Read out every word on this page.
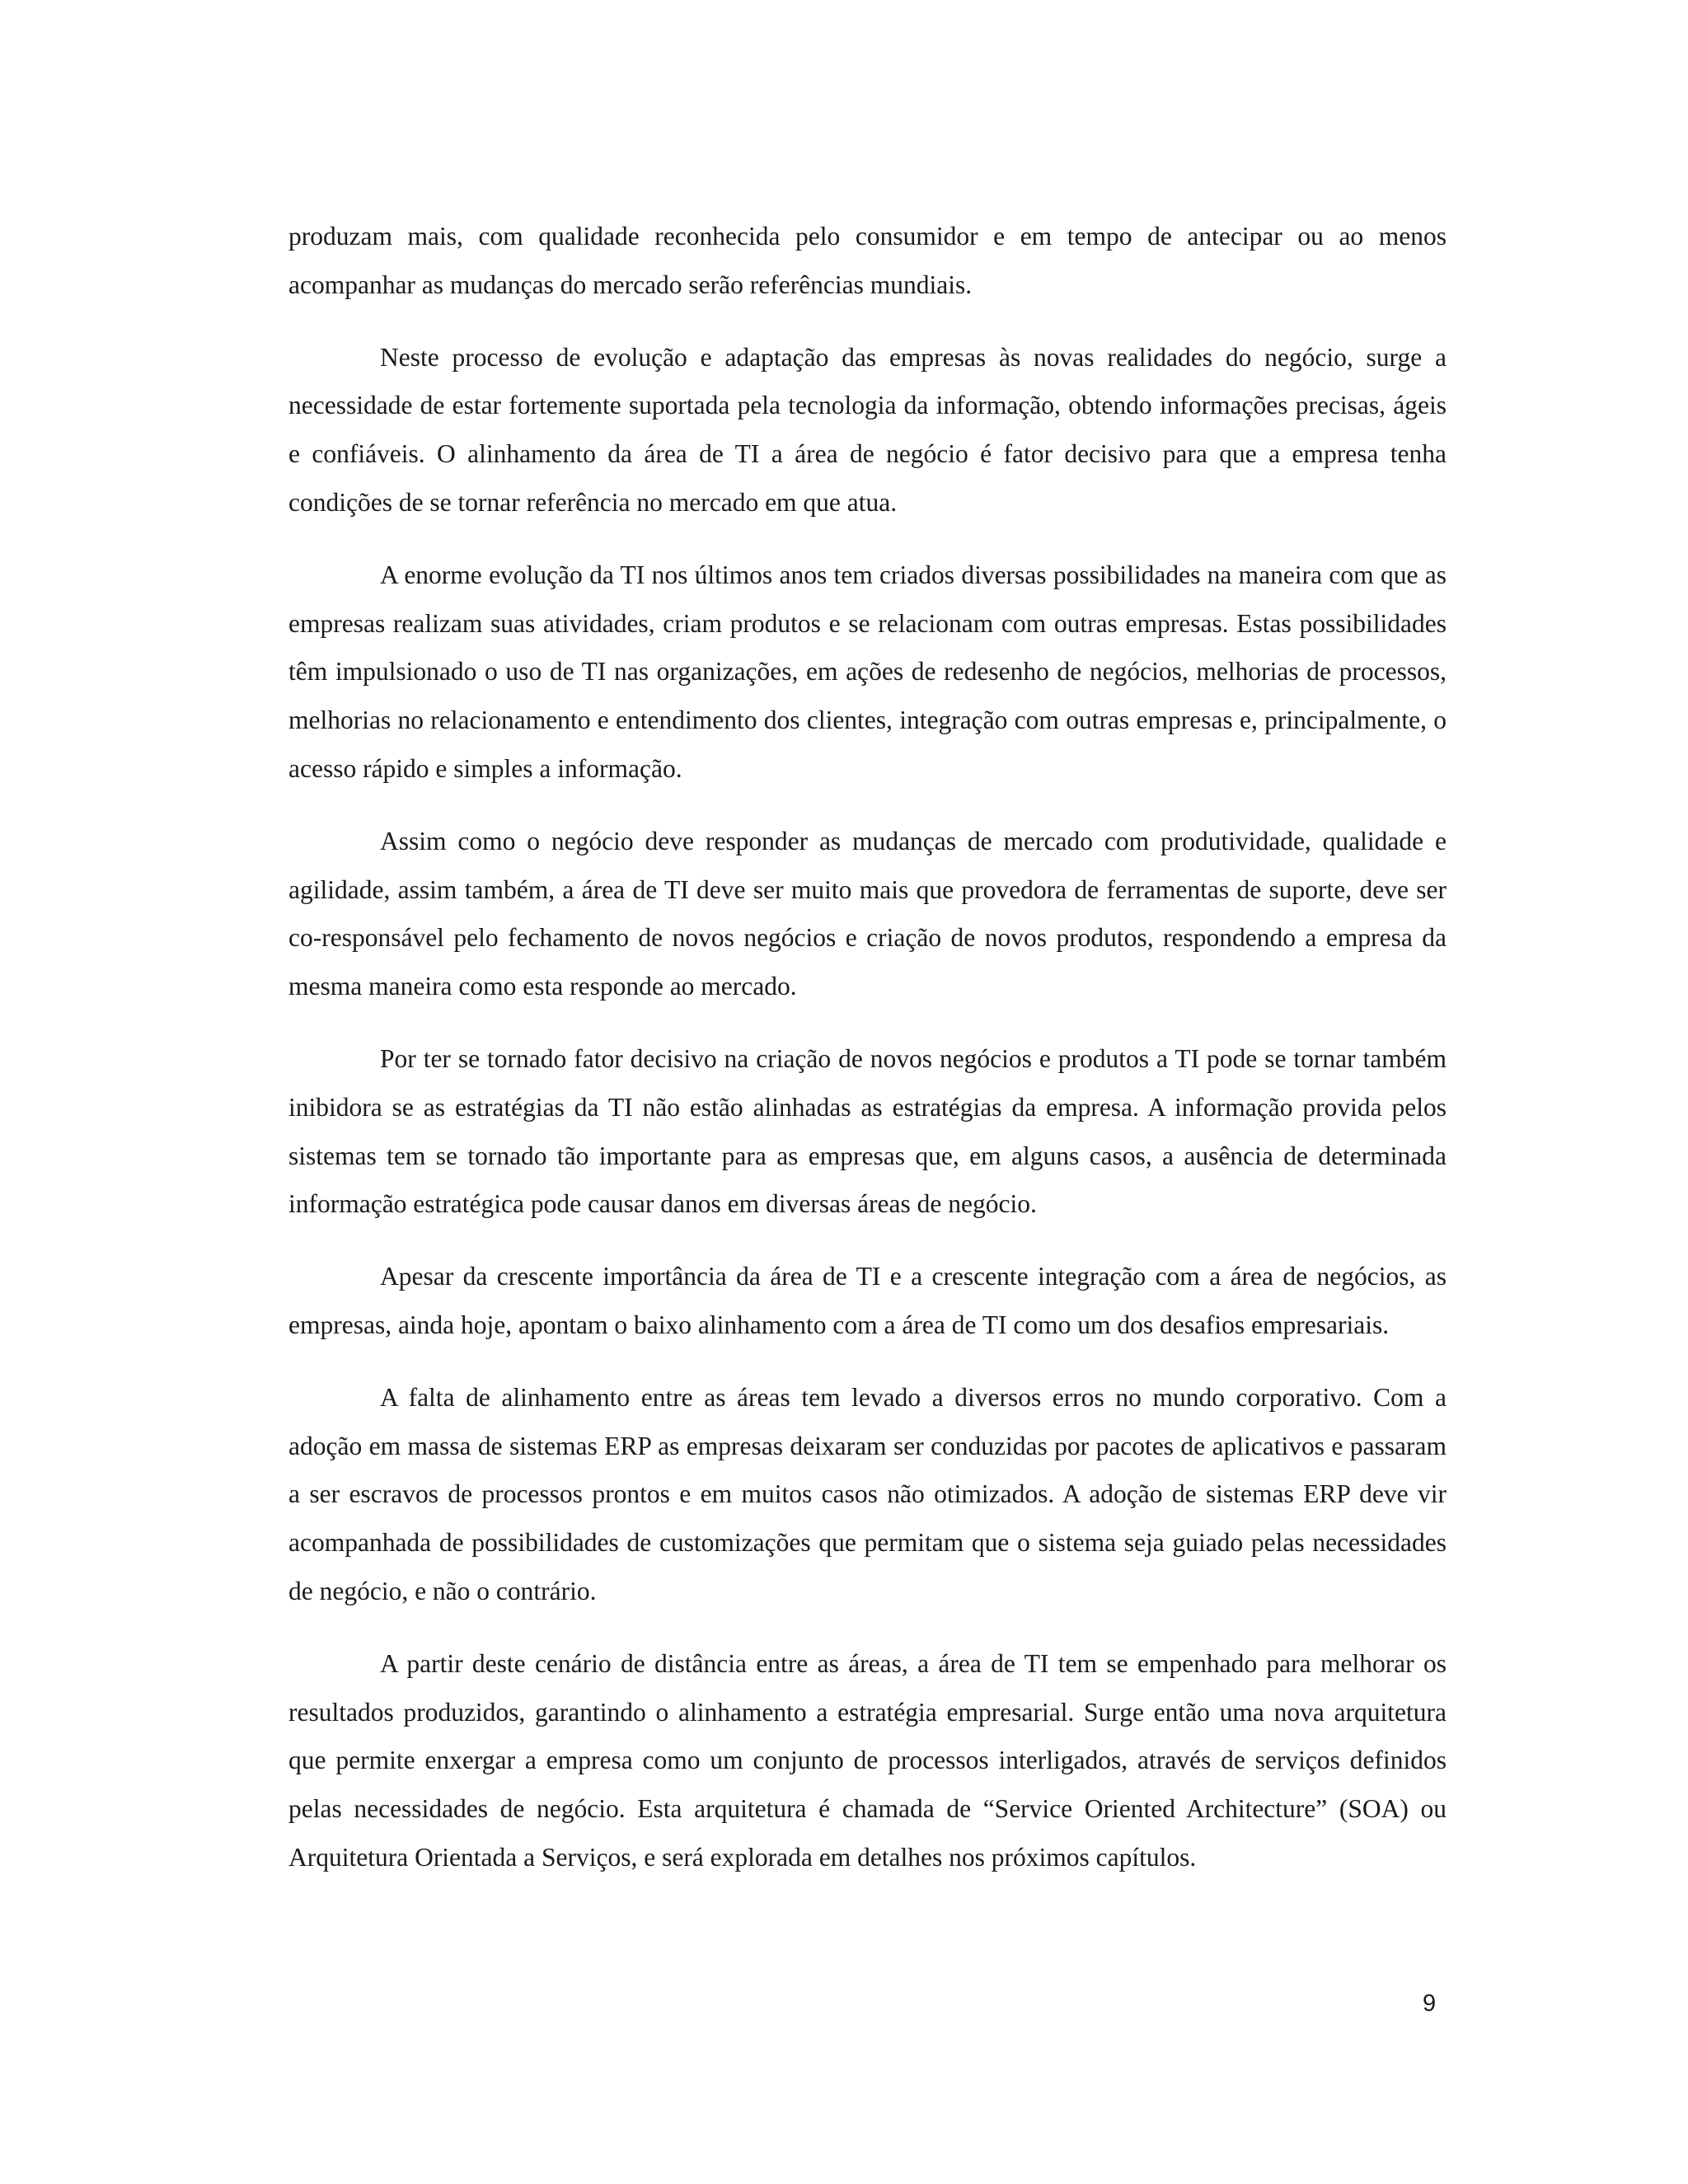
produzam mais, com qualidade reconhecida pelo consumidor e em tempo de antecipar ou ao menos acompanhar as mudanças do mercado serão referências mundiais.

Neste processo de evolução e adaptação das empresas às novas realidades do negócio, surge a necessidade de estar fortemente suportada pela tecnologia da informação, obtendo informações precisas, ágeis e confiáveis. O alinhamento da área de TI a área de negócio é fator decisivo para que a empresa tenha condições de se tornar referência no mercado em que atua.

A enorme evolução da TI nos últimos anos tem criados diversas possibilidades na maneira com que as empresas realizam suas atividades, criam produtos e se relacionam com outras empresas. Estas possibilidades têm impulsionado o uso de TI nas organizações, em ações de redesenho de negócios, melhorias de processos, melhorias no relacionamento e entendimento dos clientes, integração com outras empresas e, principalmente, o acesso rápido e simples a informação.

Assim como o negócio deve responder as mudanças de mercado com produtividade, qualidade e agilidade, assim também, a área de TI deve ser muito mais que provedora de ferramentas de suporte, deve ser co-responsável pelo fechamento de novos negócios e criação de novos produtos, respondendo a empresa da mesma maneira como esta responde ao mercado.

Por ter se tornado fator decisivo na criação de novos negócios e produtos a TI pode se tornar também inibidora se as estratégias da TI não estão alinhadas as estratégias da empresa. A informação provida pelos sistemas tem se tornado tão importante para as empresas que, em alguns casos, a ausência de determinada informação estratégica pode causar danos em diversas áreas de negócio.

Apesar da crescente importância da área de TI e a crescente integração com a área de negócios, as empresas, ainda hoje, apontam o baixo alinhamento com a área de TI como um dos desafios empresariais.

A falta de alinhamento entre as áreas tem levado a diversos erros no mundo corporativo. Com a adoção em massa de sistemas ERP as empresas deixaram ser conduzidas por pacotes de aplicativos e passaram a ser escravos de processos prontos e em muitos casos não otimizados. A adoção de sistemas ERP deve vir acompanhada de possibilidades de customizações que permitam que o sistema seja guiado pelas necessidades de negócio, e não o contrário.

A partir deste cenário de distância entre as áreas, a área de TI tem se empenhado para melhorar os resultados produzidos, garantindo o alinhamento a estratégia empresarial. Surge então uma nova arquitetura que permite enxergar a empresa como um conjunto de processos interligados, através de serviços definidos pelas necessidades de negócio. Esta arquitetura é chamada de “Service Oriented Architecture” (SOA) ou Arquitetura Orientada a Serviços, e será explorada em detalhes nos próximos capítulos.

9
